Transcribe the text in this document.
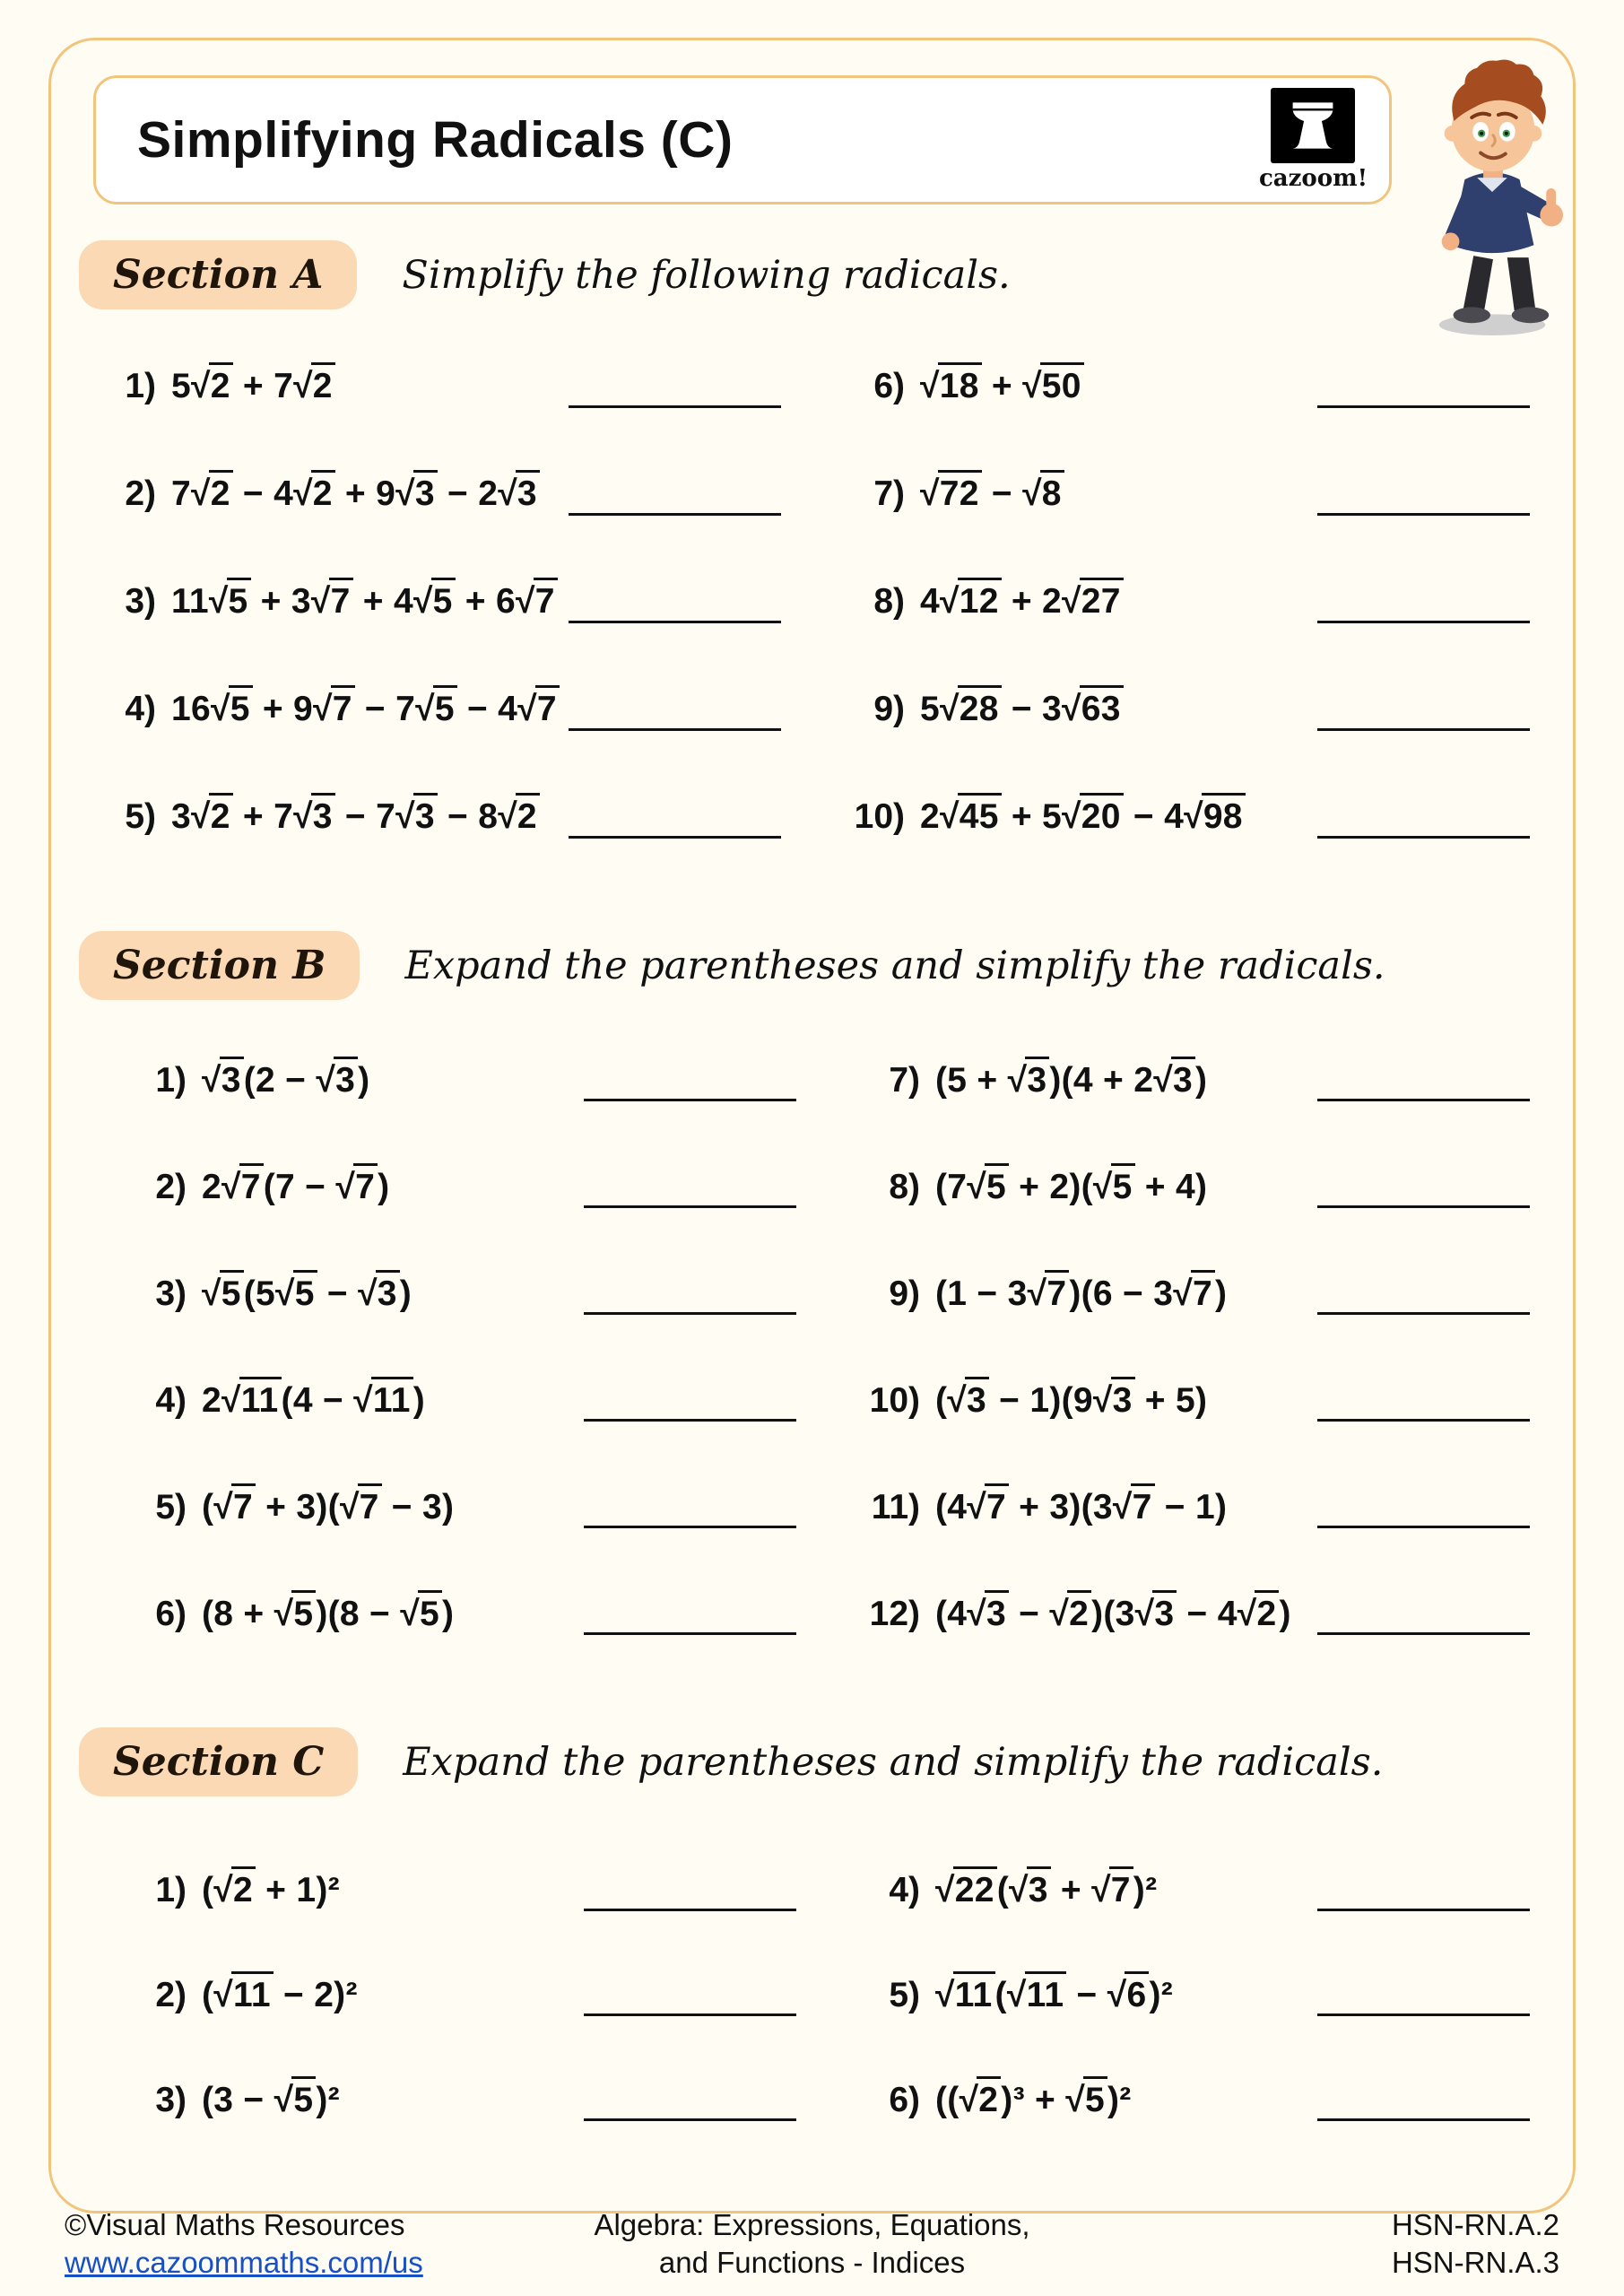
Simplifying Radicals (C)
cazoom!
Section A	Simplify the following radicals.
1) 5√2 + 7√2
2) 7√2 − 4√2 + 9√3 − 2√3
3) 11√5 + 3√7 + 4√5 + 6√7
4) 16√5 + 9√7 − 7√5 − 4√7
5) 3√2 + 7√3 − 7√3 − 8√2
6) √18 + √50
7) √72 − √8
8) 4√12 + 2√27
9) 5√28 − 3√63
10) 2√45 + 5√20 − 4√98
Section B	Expand the parentheses and simplify the radicals.
1) √3(2 − √3)
2) 2√7(7 − √7)
3) √5(5√5 − √3)
4) 2√11(4 − √11)
5) (√7 + 3)(√7 − 3)
6) (8 + √5)(8 − √5)
7) (5 + √3)(4 + 2√3)
8) (7√5 + 2)(√5 + 4)
9) (1 − 3√7)(6 − 3√7)
10) (√3 − 1)(9√3 + 5)
11) (4√7 + 3)(3√7 − 1)
12) (4√3 − √2)(3√3 − 4√2)
Section C	Expand the parentheses and simplify the radicals.
1) (√2 + 1)²
2) (√11 − 2)²
3) (3 − √5)²
4) √22(√3 + √7)²
5) √11(√11 − √6)²
6) ((√2)³ + √5)²
©Visual Maths Resources
www.cazoommaths.com/us
Algebra: Expressions, Equations,
and Functions - Indices
HSN-RN.A.2
HSN-RN.A.3
